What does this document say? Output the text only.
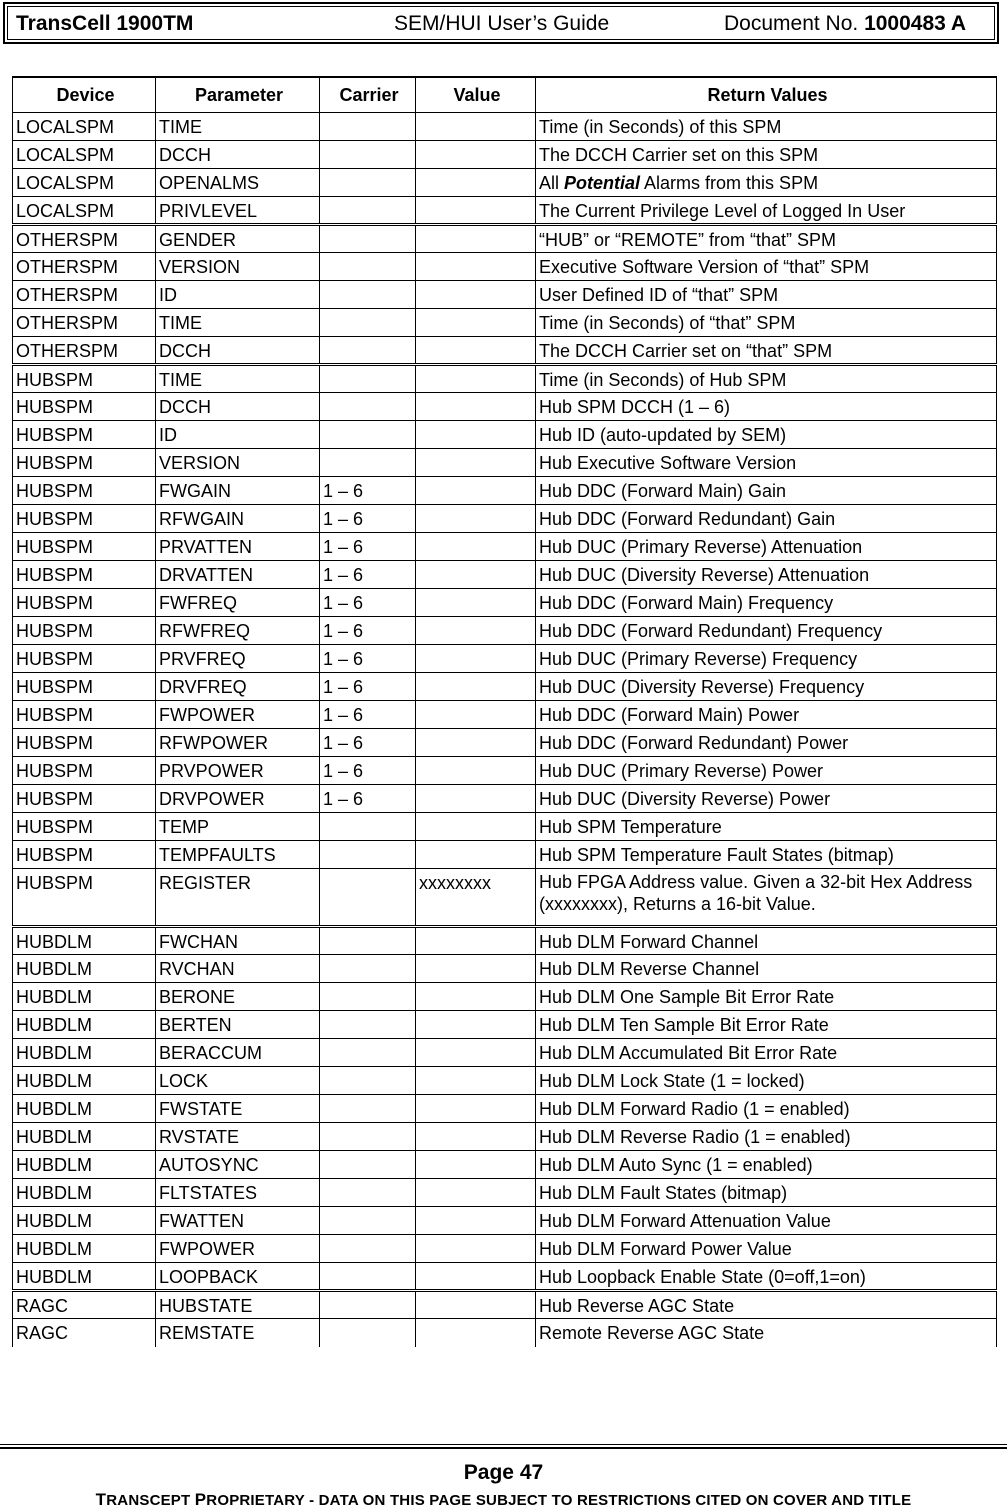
TransCell 1900TM	SEM/HUI User’s Guide	Document No. 1000483 A
Device	Parameter	Carrier	Value	Return Values
LOCALSPM	TIME			Time (in Seconds) of this SPM
LOCALSPM	DCCH			The DCCH Carrier set on this SPM
LOCALSPM	OPENALMS			All Potential Alarms from this SPM
LOCALSPM	PRIVLEVEL			The Current Privilege Level of Logged In User
OTHERSPM	GENDER			“HUB” or “REMOTE” from “that” SPM
OTHERSPM	VERSION			Executive Software Version of “that” SPM
OTHERSPM	ID			User Defined ID of “that” SPM
OTHERSPM	TIME			Time (in Seconds) of “that” SPM
OTHERSPM	DCCH			The DCCH Carrier set on “that” SPM
HUBSPM	TIME			Time (in Seconds) of Hub SPM
HUBSPM	DCCH			Hub SPM DCCH (1 – 6)
HUBSPM	ID			Hub ID (auto-updated by SEM)
HUBSPM	VERSION			Hub Executive Software Version
HUBSPM	FWGAIN	1 – 6		Hub DDC (Forward Main) Gain
HUBSPM	RFWGAIN	1 – 6		Hub DDC (Forward Redundant) Gain
HUBSPM	PRVATTEN	1 – 6		Hub DUC (Primary Reverse) Attenuation
HUBSPM	DRVATTEN	1 – 6		Hub DUC (Diversity Reverse) Attenuation
HUBSPM	FWFREQ	1 – 6		Hub DDC (Forward Main) Frequency
HUBSPM	RFWFREQ	1 – 6		Hub DDC (Forward Redundant) Frequency
HUBSPM	PRVFREQ	1 – 6		Hub DUC (Primary Reverse) Frequency
HUBSPM	DRVFREQ	1 – 6		Hub DUC (Diversity Reverse) Frequency
HUBSPM	FWPOWER	1 – 6		Hub DDC (Forward Main) Power
HUBSPM	RFWPOWER	1 – 6		Hub DDC (Forward Redundant) Power
HUBSPM	PRVPOWER	1 – 6		Hub DUC (Primary Reverse) Power
HUBSPM	DRVPOWER	1 – 6		Hub DUC (Diversity Reverse) Power
HUBSPM	TEMP			Hub SPM Temperature
HUBSPM	TEMPFAULTS			Hub SPM Temperature Fault States (bitmap)
HUBSPM	REGISTER		xxxxxxxx	Hub FPGA Address value. Given a 32-bit Hex Address (xxxxxxxx), Returns a 16-bit Value.
HUBDLM	FWCHAN			Hub DLM Forward Channel
HUBDLM	RVCHAN			Hub DLM Reverse Channel
HUBDLM	BERONE			Hub DLM One Sample Bit Error Rate
HUBDLM	BERTEN			Hub DLM Ten Sample Bit Error Rate
HUBDLM	BERACCUM			Hub DLM Accumulated Bit Error Rate
HUBDLM	LOCK			Hub DLM Lock State (1 = locked)
HUBDLM	FWSTATE			Hub DLM Forward Radio (1 = enabled)
HUBDLM	RVSTATE			Hub DLM Reverse Radio (1 = enabled)
HUBDLM	AUTOSYNC			Hub DLM Auto Sync (1 = enabled)
HUBDLM	FLTSTATES			Hub DLM Fault States (bitmap)
HUBDLM	FWATTEN			Hub DLM Forward Attenuation Value
HUBDLM	FWPOWER			Hub DLM Forward Power Value
HUBDLM	LOOPBACK			Hub Loopback Enable State (0=off,1=on)
RAGC	HUBSTATE			Hub Reverse AGC State
RAGC	REMSTATE			Remote Reverse AGC State
Page 47
TRANSCEPT PROPRIETARY - DATA ON THIS PAGE SUBJECT TO RESTRICTIONS CITED ON COVER AND TITLE
